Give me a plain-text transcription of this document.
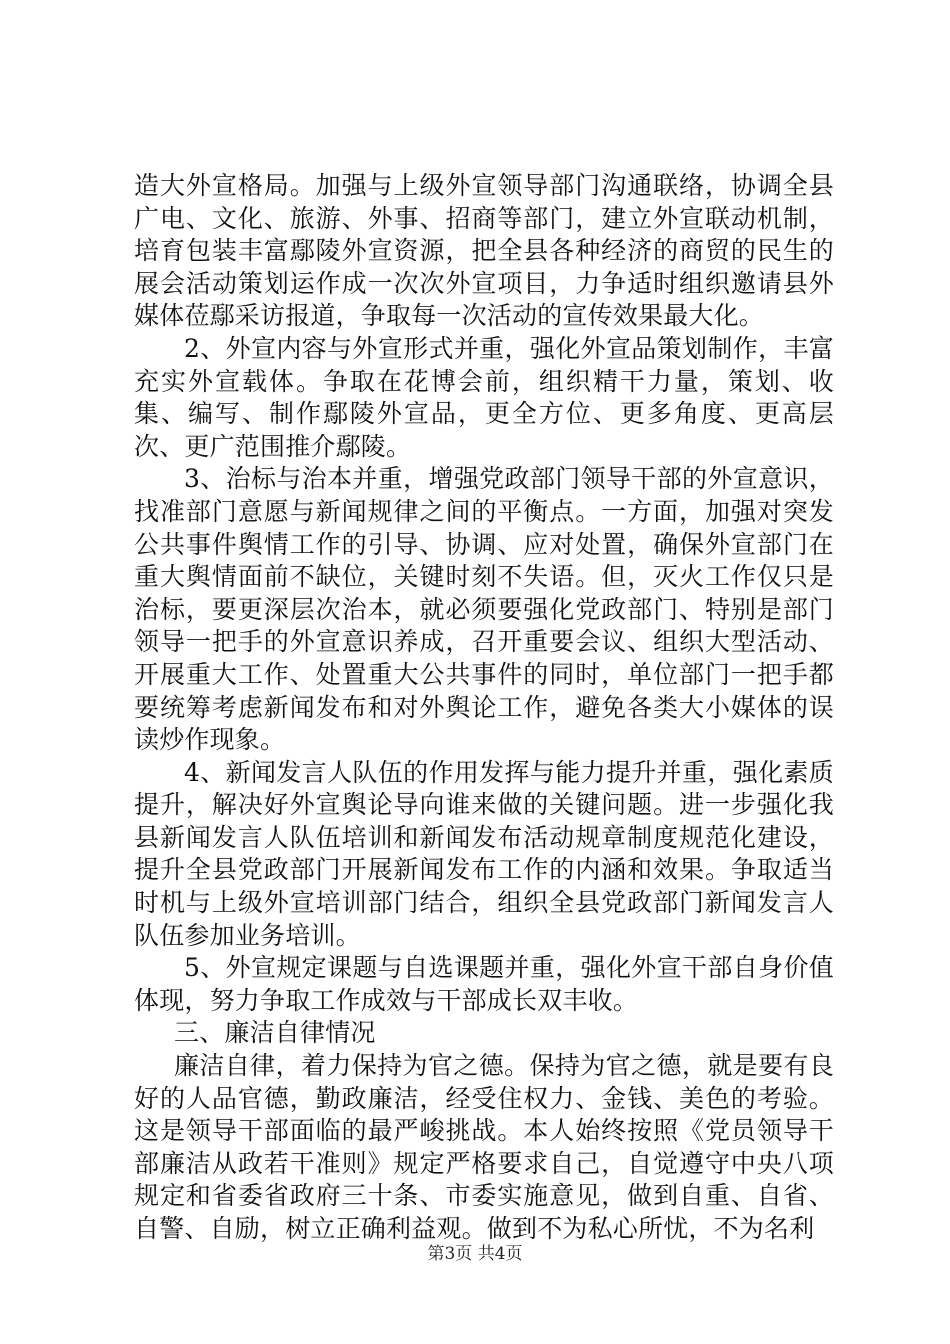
造大外宣格局。加强与上级外宣领导部门沟通联络，协调全县广电、文化、旅游、外事、招商等部门，建立外宣联动机制，培育包装丰富鄢陵外宣资源，把全县各种经济的商贸的民生的展会活动策划运作成一次次外宣项目，力争适时组织邀请县外媒体莅鄢采访报道，争取每一次活动的宣传效果最大化。

2、外宣内容与外宣形式并重，强化外宣品策划制作，丰富充实外宣载体。争取在花博会前，组织精干力量，策划、收集、编写、制作鄢陵外宣品，更全方位、更多角度、更高层次、更广范围推介鄢陵。

3、治标与治本并重，增强党政部门领导干部的外宣意识，找准部门意愿与新闻规律之间的平衡点。一方面，加强对突发公共事件舆情工作的引导、协调、应对处置，确保外宣部门在重大舆情面前不缺位，关键时刻不失语。但，灭火工作仅只是治标，要更深层次治本，就必须要强化党政部门、特别是部门领导一把手的外宣意识养成，召开重要会议、组织大型活动、开展重大工作、处置重大公共事件的同时，单位部门一把手都要统筹考虑新闻发布和对外舆论工作，避免各类大小媒体的误读炒作现象。

4、新闻发言人队伍的作用发挥与能力提升并重，强化素质提升，解决好外宣舆论导向谁来做的关键问题。进一步强化我县新闻发言人队伍培训和新闻发布活动规章制度规范化建设，提升全县党政部门开展新闻发布工作的内涵和效果。争取适当时机与上级外宣培训部门结合，组织全县党政部门新闻发言人队伍参加业务培训。

5、外宣规定课题与自选课题并重，强化外宣干部自身价值体现，努力争取工作成效与干部成长双丰收。

三、廉洁自律情况

廉洁自律，着力保持为官之德。保持为官之德，就是要有良好的人品官德，勤政廉洁，经受住权力、金钱、美色的考验。这是领导干部面临的最严峻挑战。本人始终按照《党员领导干部廉洁从政若干准则》规定严格要求自己，自觉遵守中央八项规定和省委省政府三十条、市委实施意见，做到自重、自省、自警、自励，树立正确利益观。做到不为私心所忧，不为名利

第3页 共4页
